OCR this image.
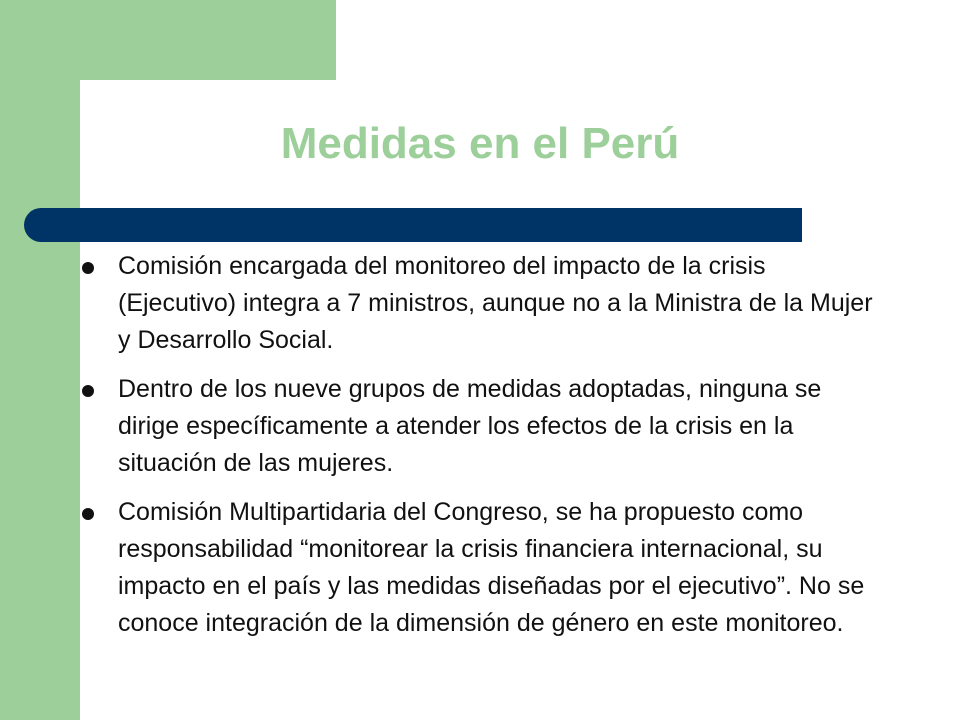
Medidas en el Perú
Comisión encargada del monitoreo del impacto de la crisis (Ejecutivo) integra a 7 ministros, aunque no a la Ministra de la Mujer y Desarrollo Social.
Dentro de los nueve grupos de medidas adoptadas, ninguna se dirige específicamente a atender los efectos de la crisis en la situación de las mujeres.
Comisión Multipartidaria del Congreso, se ha propuesto como responsabilidad “monitorear la crisis financiera internacional, su impacto en el país y las medidas diseñadas por el ejecutivo”. No se conoce integración de la dimensión de género en este monitoreo.
